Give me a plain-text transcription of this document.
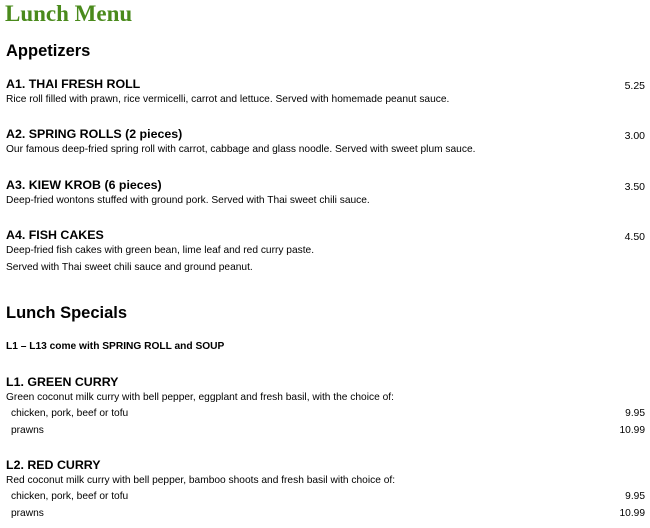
Lunch Menu
Appetizers
A1. THAI FRESH ROLL	5.25
Rice roll filled with prawn, rice vermicelli, carrot and lettuce. Served with homemade peanut sauce.
A2. SPRING ROLLS (2 pieces)	3.00
Our famous deep-fried spring roll with carrot, cabbage and glass noodle. Served with sweet plum sauce.
A3. KIEW KROB (6 pieces)	3.50
Deep-fried wontons stuffed with ground pork. Served with Thai sweet chili sauce.
A4. FISH CAKES	4.50
Deep-fried fish cakes with green bean, lime leaf and red curry paste.
Served with Thai sweet chili sauce and ground peanut.
Lunch Specials
L1 – L13 come with SPRING ROLL and SOUP
L1. GREEN CURRY
Green coconut milk curry with bell pepper, eggplant and fresh basil, with the choice of:
chicken, pork, beef or tofu	9.95
prawns	10.99
L2. RED CURRY
Red coconut milk curry with bell pepper, bamboo shoots and fresh basil with choice of:
chicken, pork, beef or tofu	9.95
prawns	10.99
